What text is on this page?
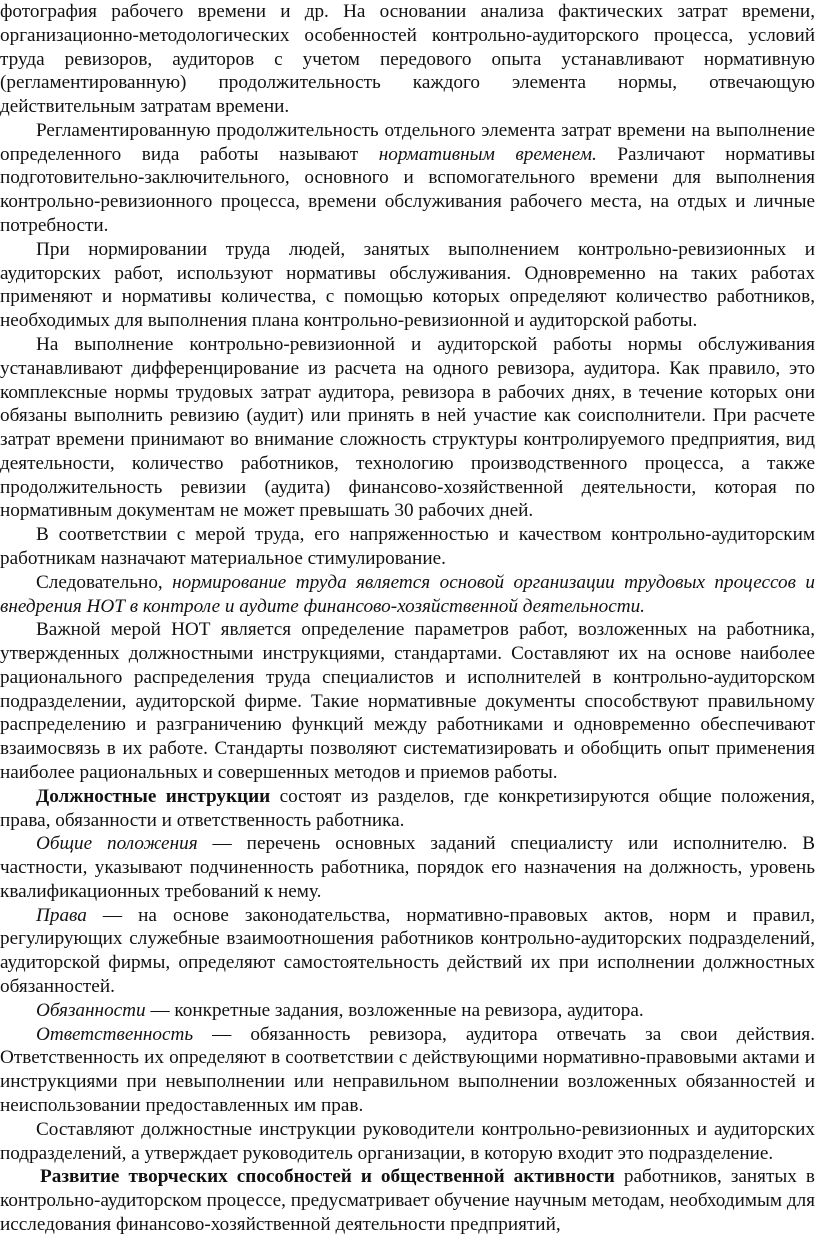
фотография рабочего времени и др. На основании анализа фактических затрат времени, организационно-методологических особенностей контрольно-аудиторского процесса, условий труда ревизоров, аудиторов с учетом передового опыта устанавливают нормативную (регламентированную) продолжительность каждого элемента нормы, отвечающую действительным затратам времени.

Регламентированную продолжительность отдельного элемента затрат времени на выполнение определенного вида работы называют нормативным временем. Различают нормативы подготовительно-заключительного, основного и вспомогательного времени для выполнения контрольно-ревизионного процесса, времени обслуживания рабочего места, на отдых и личные потребности.

При нормировании труда людей, занятых выполнением контрольно-ревизионных и аудиторских работ, используют нормативы обслуживания. Одновременно на таких работах применяют и нормативы количества, с помощью которых определяют количество работников, необходимых для выполнения плана контрольно-ревизионной и аудиторской работы.

На выполнение контрольно-ревизионной и аудиторской работы нормы обслуживания устанавливают дифференцирование из расчета на одного ревизора, аудитора. Как правило, это комплексные нормы трудовых затрат аудитора, ревизора в рабочих днях, в течение которых они обязаны выполнить ревизию (аудит) или принять в ней участие как соисполнители. При расчете затрат времени принимают во внимание сложность структуры контролируемого предприятия, вид деятельности, количество работников, технологию производственного процесса, а также продолжительность ревизии (аудита) финансово-хозяйственной деятельности, которая по нормативным документам не может превышать 30 рабочих дней.

В соответствии с мерой труда, его напряженностью и качеством контрольно-аудиторским работникам назначают материальное стимулирование.

Следовательно, нормирование труда является основой организации трудовых процессов и внедрения НОТ в контроле и аудите финансово-хозяйственной деятельности.

Важной мерой НОТ является определение параметров работ, возложенных на работника, утвержденных должностными инструкциями, стандартами. Составляют их на основе наиболее рационального распределения труда специалистов и исполнителей в контрольно-аудиторском подразделении, аудиторской фирме. Такие нормативные документы способствуют правильному распределению и разграничению функций между работниками и одновременно обеспечивают взаимосвязь в их работе. Стандарты позволяют систематизировать и обобщить опыт применения наиболее рациональных и совершенных методов и приемов работы.

Должностные инструкции состоят из разделов, где конкретизируются общие положения, права, обязанности и ответственность работника.

Общие положения — перечень основных заданий специалисту или исполнителю. В частности, указывают подчиненность работника, порядок его назначения на должность, уровень квалификационных требований к нему.

Права — на основе законодательства, нормативно-правовых актов, норм и правил, регулирующих служебные взаимоотношения работников контрольно-аудиторских подразделений, аудиторской фирмы, определяют самостоятельность действий их при исполнении должностных обязанностей.

Обязанности — конкретные задания, возложенные на ревизора, аудитора.

Ответственность — обязанность ревизора, аудитора отвечать за свои действия. Ответственность их определяют в соответствии с действующими нормативно-правовыми актами и инструкциями при невыполнении или неправильном выполнении возложенных обязанностей и неиспользовании предоставленных им прав.

Составляют должностные инструкции руководители контрольно-ревизионных и аудиторских подразделений, а утверждает руководитель организации, в которую входит это подразделение.

Развитие творческих способностей и общественной активности работников, занятых в контрольно-аудиторском процессе, предусматривает обучение научным методам, необходимым для исследования финансово-хозяйственной деятельности предприятий,
